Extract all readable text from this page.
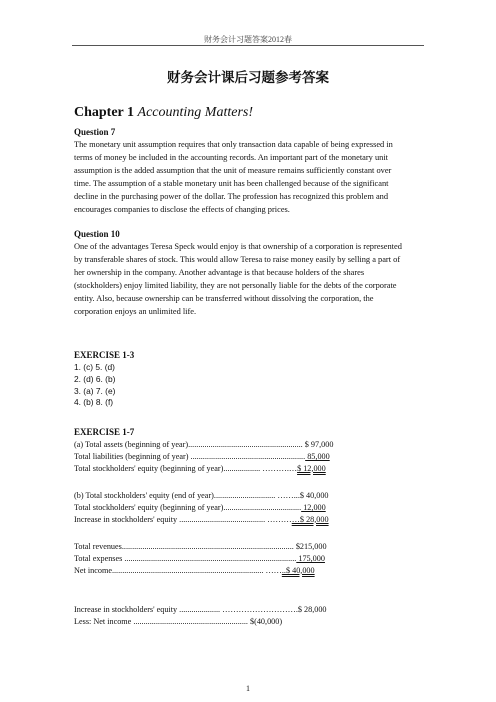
财务会计习题答案2012春
财务会计课后习题参考答案
Chapter 1 Accounting Matters!
Question 7
The monetary unit assumption requires that only transaction data capable of being expressed in
terms of money be included in the accounting records. An important part of the monetary unit
assumption is the added assumption that the unit of measure remains sufficiently constant over
time. The assumption of a stable monetary unit has been challenged because of the significant
decline in the purchasing power of the dollar. The profession has recognized this problem and
encourages companies to disclose the effects of changing prices.
Question 10
One of the advantages Teresa Speck would enjoy is that ownership of a corporation is represented
by transferable shares of stock. This would allow Teresa to raise money easily by selling a part of
her ownership in the company. Another advantage is that because holders of the shares
(stockholders) enjoy limited liability, they are not personally liable for the debts of the corporate
entity. Also, because ownership can be transferred without dissolving the corporation, the
corporation enjoys an unlimited life.
EXERCISE 1-3
1. (c) 5. (d)
2. (d) 6. (b)
3. (a) 7. (e)
4. (b) 8. (f)
EXERCISE 1-7
(a) Total assets (beginning of year)........................................................ $ 97,000
Total liabilities (beginning of year) ........................................................ 85,000
Total stockholders' equity (beginning of year).................. ……….…$ 12,000
(b) Total stockholders' equity (end of year).............................. ……...$ 40,000
Total stockholders' equity (beginning of year)...................................... 12,000
Increase in stockholders' equity .......................................... …………$ 28,000
Total revenues.................................................................................... $215,000
Total expenses .................................................................................... 175,000
Net income.......................................................................... ……..$ 40,000
Increase in stockholders' equity .................... ……………………….$ 28,000
Less: Net income ........................................................ $(40,000)
1
